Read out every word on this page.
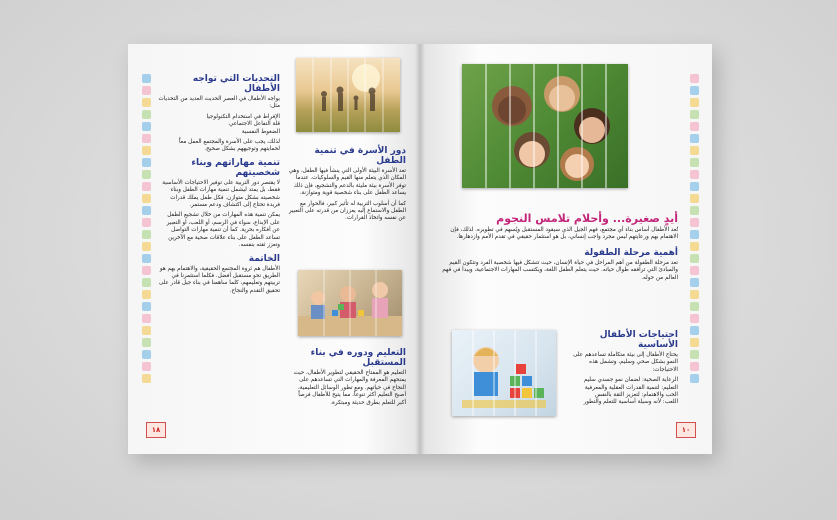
التحديات التي تواجه الأطفال

يواجه الأطفال في العصر الحديث العديد من التحديات مثل:

الإفراط في استخدام التكنولوجيا

قلة التفاعل الاجتماعي

الضغوط النفسية

لذلك، يجب على الأسرة والمجتمع العمل معاً لحمايتهم وتوجيههم بشكل صحيح.

تنمية مهاراتهم وبناء شخصيتهم

لا يقتصر دور التربية على توفير الاحتياجات الأساسية فقط، بل يمتد ليشمل تنمية مهارات الطفل وبناء شخصيته بشكل متوازن. فكل طفل يملك قدرات فريدة تحتاج إلى اكتشاف ودعم مستمر.

يمكن تنمية هذه المهارات من خلال تشجيع الطفل على الإبداع، سواء في الرسم، أو اللعب، أو التعبير عن أفكاره بحرية. كما أن تنمية مهارات التواصل تساعد الطفل على بناء علاقات صحية مع الآخرين وتعزز ثقته بنفسه.

الخاتمة

الأطفال هم ثروة المجتمع الحقيقية، والاهتمام بهم هو الطريق نحو مستقبل أفضل. فكلما استثمرنا في تربيتهم وتعليمهم، كلما ساهمنا في بناء جيل قادر على تحقيق التقدم والنجاح.

دور الأسرة في تنمية الطفل

تعد الأسرة البيئة الأولى التي ينشأ فيها الطفل، وهي المكان الذي يتعلم منها القيم والسلوكيات. عندما توفر الأسرة بيئة مليئة بالدعم والتشجيع، فإن ذلك يساعد الطفل على بناء شخصية قوية ومتوازنة.

كما أن أسلوب التربية له تأثير كبير، فالحوار مع الطفل والاستماع إليه يعززان من قدرته على التعبير عن نفسه واتخاذ القرارات.

التعليم ودوره في بناء المستقبل

التعليم هو المفتاح الحقيقي لتطوير الأطفال، حيث يمنحهم المعرفة والمهارات التي تساعدهم على النجاح في حياتهم. ومع تطور الوسائل التعليمية، أصبح التعليم أكثر تنوعاً، مما يتيح للأطفال فرصاً أكبر للتعلم بطرق حديثة ومبتكرة.

١٨
أيدٍ صغيرة... وأحلام تلامس النجوم

تُعد الأطفال أساس بناء أي مجتمع، فهم الجيل الذي سيقود المستقبل ويُسهم في تطويره. لذلك، فإن الاهتمام بهم ورعايتهم ليس مجرد واجب إنساني، بل هو استثمار حقيقي في تقدم الأمم وازدهارها.

أهمية مرحلة الطفولة

تعد مرحلة الطفولة من أهم المراحل في حياة الإنسان، حيث تتشكل فيها شخصية الفرد وتتكون القيم والمبادئ التي ترافقه طوال حياته. حيث يتعلم الطفل اللغة، ويكتسب المهارات الاجتماعية، ويبدأ في فهم العالم من حوله.

احتياجات الأطفال الأساسية

يحتاج الأطفال إلى بيئة متكاملة تساعدهم على النمو بشكل صحي وسليم، وتشمل هذه الاحتياجات:

الرعاية الصحية: لضمان نمو جسدي سليم

التعليم: لتنمية القدرات العقلية والمعرفية

الحب والاهتمام: لتعزيز الثقة بالنفس

اللعب: لأنه وسيلة أساسية للتعلم والتطور

١٠
